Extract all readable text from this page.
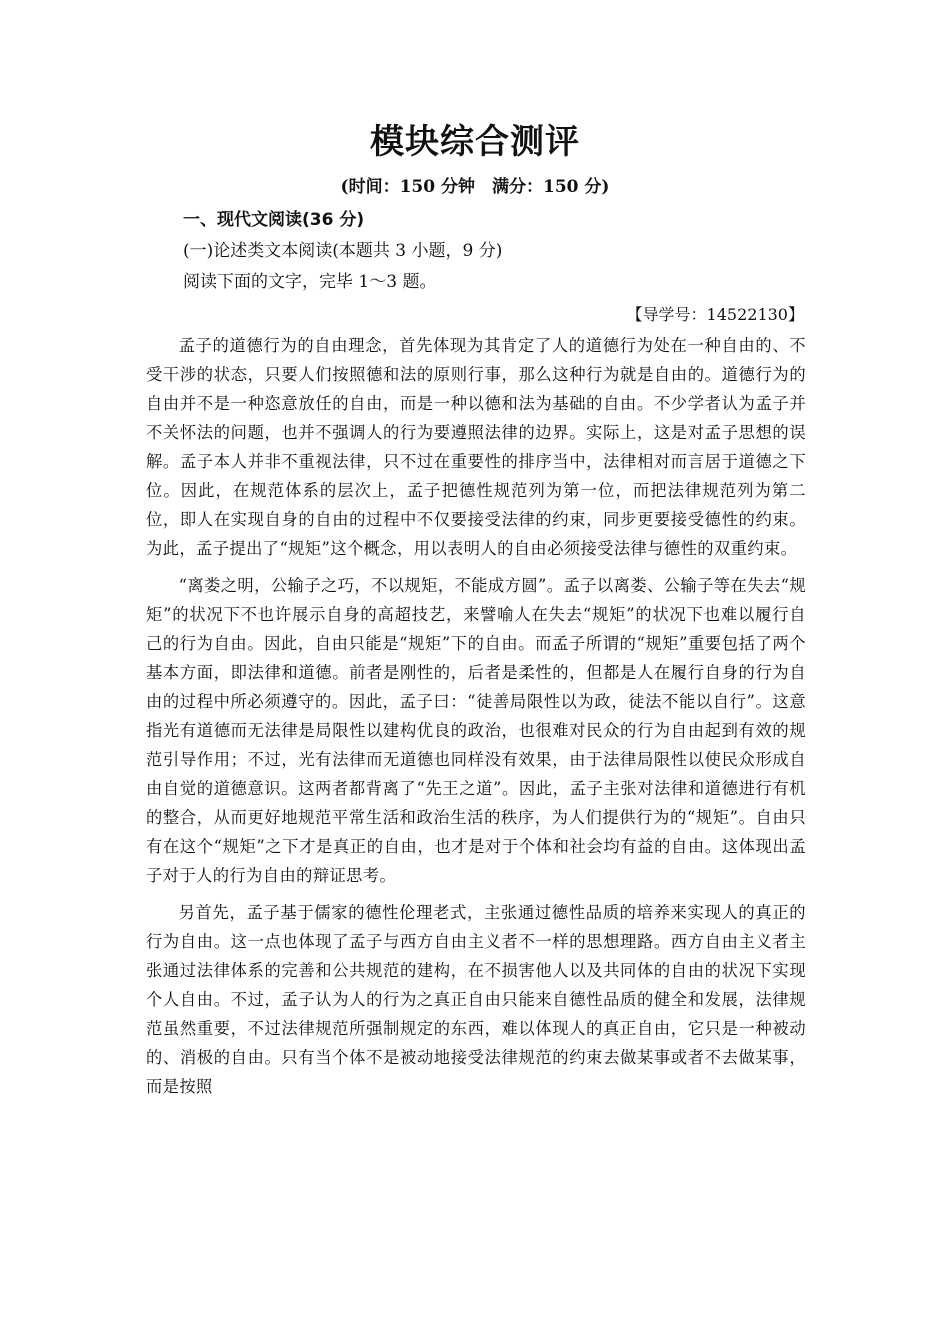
模块综合测评
(时间：150 分钟　满分：150 分)
一、现代文阅读(36 分)
(一)论述类文本阅读(本题共 3 小题，9 分)
阅读下面的文字，完毕 1～3 题。
【导学号：14522130】

孟子的道德行为的自由理念，首先体现为其肯定了人的道德行为处在一种自由的、不受干涉的状态，只要人们按照德和法的原则行事，那么这种行为就是自由的。道德行为的自由并不是一种恣意放任的自由，而是一种以德和法为基础的自由。不少学者认为孟子并不关怀法的问题，也并不强调人的行为要遵照法律的边界。实际上，这是对孟子思想的误解。孟子本人并非不重视法律，只不过在重要性的排序当中，法律相对而言居于道德之下位。因此，在规范体系的层次上，孟子把德性规范列为第一位，而把法律规范列为第二位，即人在实现自身的自由的过程中不仅要接受法律的约束，同步更要接受德性的约束。为此，孟子提出了“规矩”这个概念，用以表明人的自由必须接受法律与德性的双重约束。

“离娄之明，公输子之巧，不以规矩，不能成方圆”。孟子以离娄、公输子等在失去“规矩”的状况下不也许展示自身的高超技艺，来譬喻人在失去“规矩”的状况下也难以履行自己的行为自由。因此，自由只能是“规矩”下的自由。而孟子所谓的“规矩”重要包括了两个基本方面，即法律和道德。前者是刚性的，后者是柔性的，但都是人在履行自身的行为自由的过程中所必须遵守的。因此，孟子曰：“徒善局限性以为政，徒法不能以自行”。这意指光有道德而无法律是局限性以建构优良的政治，也很难对民众的行为自由起到有效的规范引导作用；不过，光有法律而无道德也同样没有效果，由于法律局限性以使民众形成自由自觉的道德意识。这两者都背离了“先王之道”。因此，孟子主张对法律和道德进行有机的整合，从而更好地规范平常生活和政治生活的秩序，为人们提供行为的“规矩”。自由只有在这个“规矩”之下才是真正的自由，也才是对于个体和社会均有益的自由。这体现出孟子对于人的行为自由的辩证思考。

另首先，孟子基于儒家的德性伦理老式，主张通过德性品质的培养来实现人的真正的行为自由。这一点也体现了孟子与西方自由主义者不一样的思想理路。西方自由主义者主张通过法律体系的完善和公共规范的建构，在不损害他人以及共同体的自由的状况下实现个人自由。不过，孟子认为人的行为之真正自由只能来自德性品质的健全和发展，法律规范虽然重要，不过法律规范所强制规定的东西，难以体现人的真正自由，它只是一种被动的、消极的自由。只有当个体不是被动地接受法律规范的约束去做某事或者不去做某事，而是按照
